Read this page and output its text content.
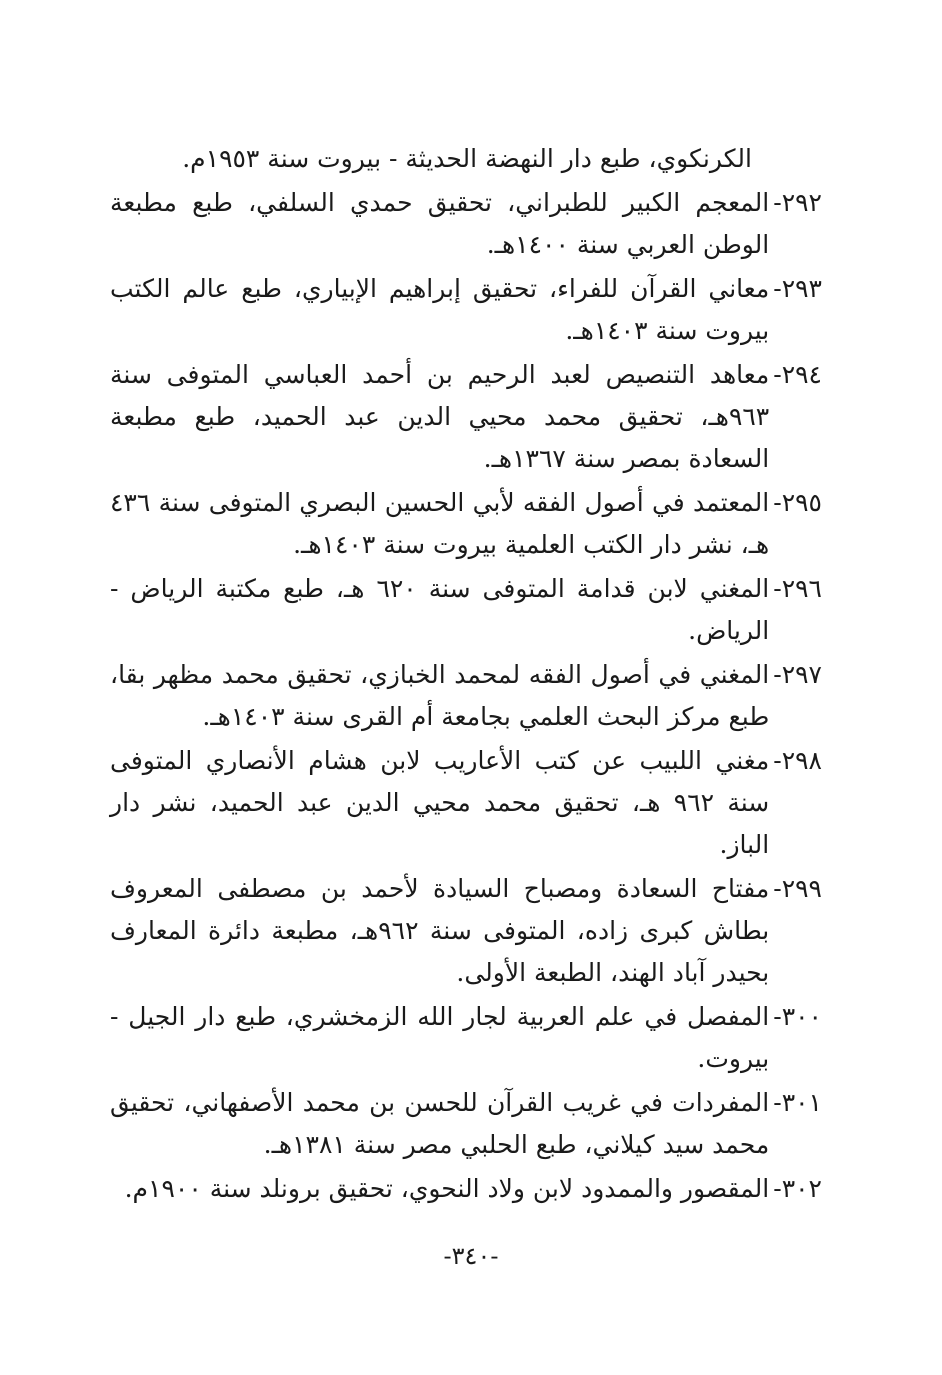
الكرنكوي، طبع دار النهضة الحديثة - بيروت سنة ١٩٥٣م.

٢٩٢
-
المعجم الكبير للطبراني، تحقيق حمدي السلفي، طبع مطبعة الوطن العربي سنة ١٤٠٠هـ.
٢٩٣
-
معاني القرآن للفراء، تحقيق إبراهيم الإبياري، طبع عالم الكتب بيروت سنة ١٤٠٣هـ.
٢٩٤
-
معاهد التنصيص لعبد الرحيم بن أحمد العباسي المتوفى سنة ٩٦٣هـ، تحقيق محمد محيي الدين عبد الحميد، طبع مطبعة السعادة بمصر سنة ١٣٦٧هـ.
٢٩٥
-
المعتمد في أصول الفقه لأبي الحسين البصري المتوفى سنة ٤٣٦ هـ، نشر دار الكتب العلمية بيروت سنة ١٤٠٣هـ.
٢٩٦
-
المغني لابن قدامة المتوفى سنة ٦٢٠ هـ، طبع مكتبة الرياض - الرياض.
٢٩٧
-
المغني في أصول الفقه لمحمد الخبازي، تحقيق محمد مظهر بقا، طبع مركز البحث العلمي بجامعة أم القرى سنة ١٤٠٣هـ.
٢٩٨
-
مغني اللبيب عن كتب الأعاريب لابن هشام الأنصاري المتوفى سنة ٩٦٢ هـ، تحقيق محمد محيي الدين عبد الحميد، نشر دار الباز.
٢٩٩
-
مفتاح السعادة ومصباح السيادة لأحمد بن مصطفى المعروف بطاش كبرى زاده، المتوفى سنة ٩٦٢هـ، مطبعة دائرة المعارف بحيدر آباد الهند، الطبعة الأولى.
٣٠٠
-
المفصل في علم العربية لجار الله الزمخشري، طبع دار الجيل - بيروت.
٣٠١
-
المفردات في غريب القرآن للحسن بن محمد الأصفهاني، تحقيق محمد سيد كيلاني، طبع الحلبي مصر سنة ١٣٨١هـ.
٣٠٢
-
المقصور والممدود لابن ولاد النحوي، تحقيق برونلد سنة ١٩٠٠م.
-٣٤٠-
